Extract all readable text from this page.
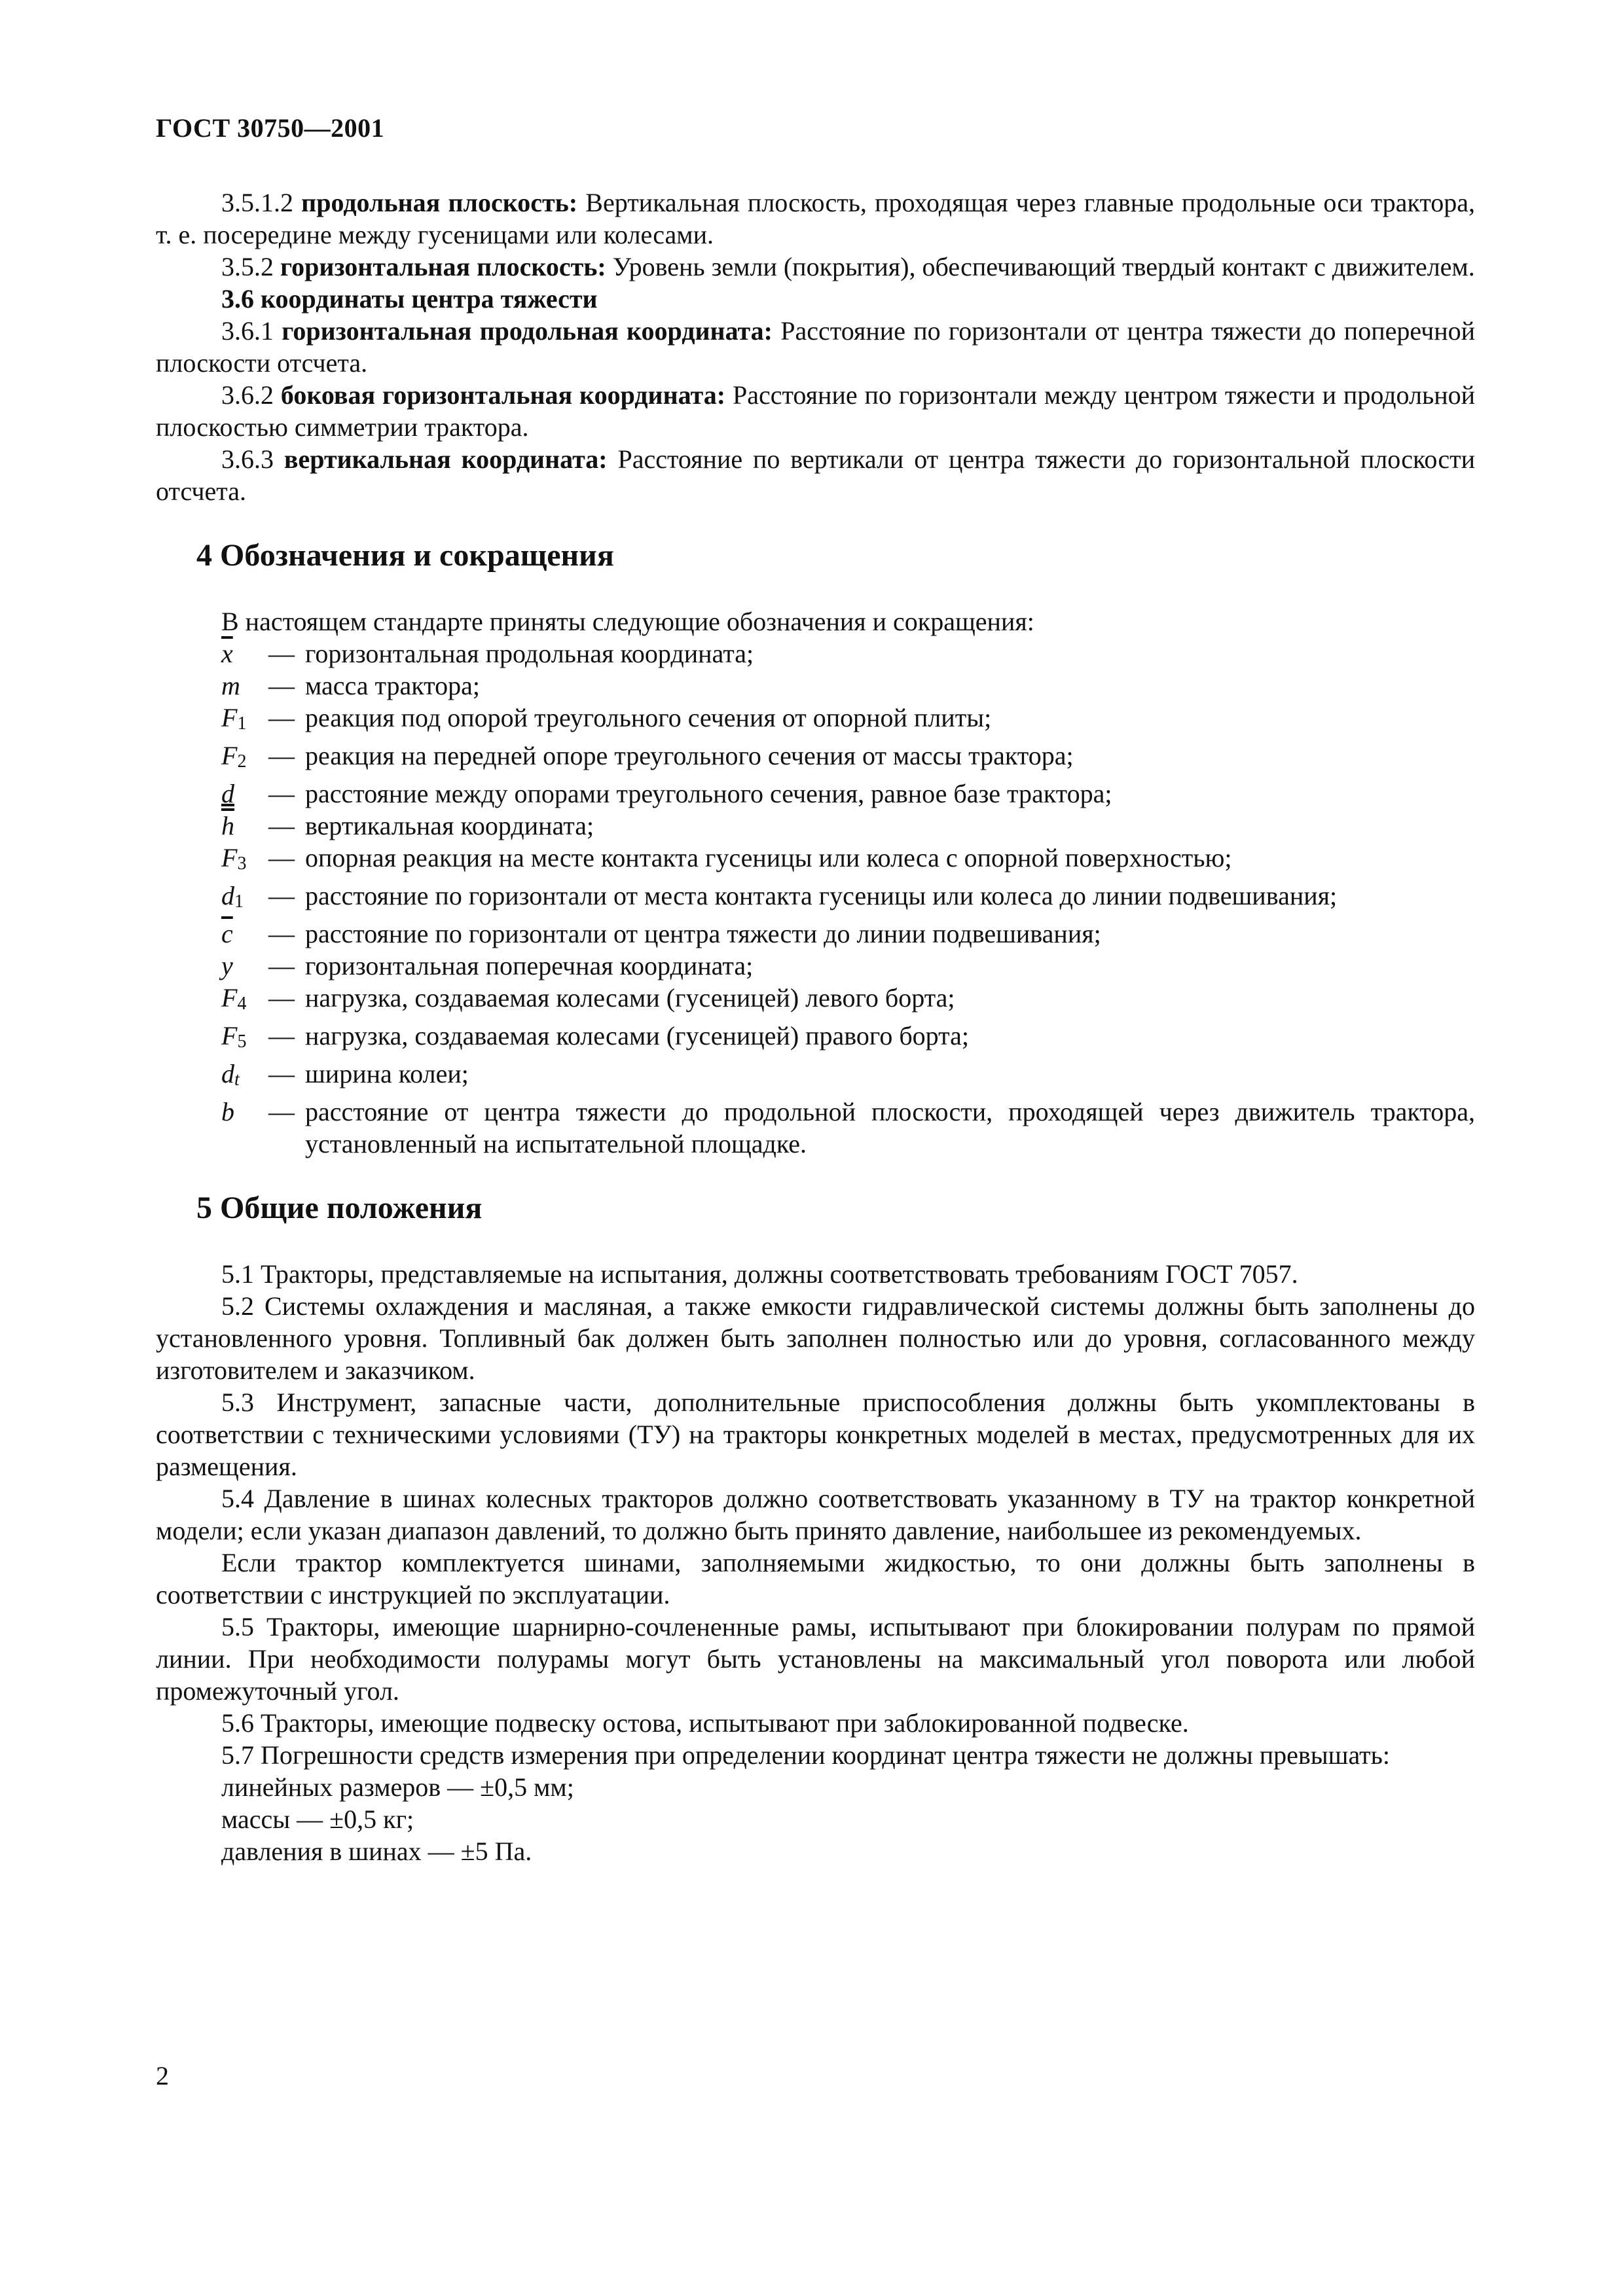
ГОСТ 30750—2001

3.5.1.2 продольная плоскость: Вертикальная плоскость, проходящая через главные продольные оси трактора, т. е. посередине между гусеницами или колесами.

3.5.2 горизонтальная плоскость: Уровень земли (покрытия), обеспечивающий твердый контакт с движителем.

3.6 координаты центра тяжести

3.6.1 горизонтальная продольная координата: Расстояние по горизонтали от центра тяжести до поперечной плоскости отсчета.

3.6.2 боковая горизонтальная координата: Расстояние по горизонтали между центром тяжести и продольной плоскостью симметрии трактора.

3.6.3 вертикальная координата: Расстояние по вертикали от центра тяжести до горизонтальной плоскости отсчета.

4 Обозначения и сокращения

В настоящем стандарте приняты следующие обозначения и сокращения:

$\overline{x}$	— горизонтальная продольная координата;
m	— масса трактора;
$F_1$ — реакция под опорой треугольного сечения от опорной плиты;
$F_2$ — реакция на передней опоре треугольного сечения от массы трактора;
d	— расстояние между опорами треугольного сечения, равное базе трактора;
$\overline{h}$	— вертикальная координата;
$F_3$ — опорная реакция на месте контакта гусеницы или колеса с опорной поверхностью;
$d_1$ — расстояние по горизонтали от места контакта гусеницы или колеса до линии подвешивания;
$\overline{c}$	— расстояние по горизонтали от центра тяжести до линии подвешивания;
y	— горизонтальная поперечная координата;
$F_4$ — нагрузка, создаваемая колесами (гусеницей) левого борта;
$F_5$ — нагрузка, создаваемая колесами (гусеницей) правого борта;
$d_t$	— ширина колеи;
b	— расстояние от центра тяжести до продольной плоскости, проходящей через движитель трактора, установленный на испытательной площадке.
5 Общие положения

5.1 Тракторы, представляемые на испытания, должны соответствовать требованиям ГОСТ 7057.

5.2 Системы охлаждения и масляная, а также емкости гидравлической системы должны быть заполнены до установленного уровня. Топливный бак должен быть заполнен полностью или до уровня, согласованного между изготовителем и заказчиком.

5.3 Инструмент, запасные части, дополнительные приспособления должны быть укомплектованы в соответствии с техническими условиями (ТУ) на тракторы конкретных моделей в местах, предусмотренных для их размещения.

5.4 Давление в шинах колесных тракторов должно соответствовать указанному в ТУ на трактор конкретной модели; если указан диапазон давлений, то должно быть принято давление, наибольшее из рекомендуемых.

Если трактор комплектуется шинами, заполняемыми жидкостью, то они должны быть заполнены в соответствии с инструкцией по эксплуатации.

5.5 Тракторы, имеющие шарнирно-сочлененные рамы, испытывают при блокировании полурам по прямой линии. При необходимости полурамы могут быть установлены на максимальный угол поворота или любой промежуточный угол.

5.6 Тракторы, имеющие подвеску остова, испытывают при заблокированной подвеске.

5.7 Погрешности средств измерения при определении координат центра тяжести не должны превышать:

линейных размеров — ±0,5 мм;

массы — ±0,5 кг;

давления в шинах — ±5 Па.

2
